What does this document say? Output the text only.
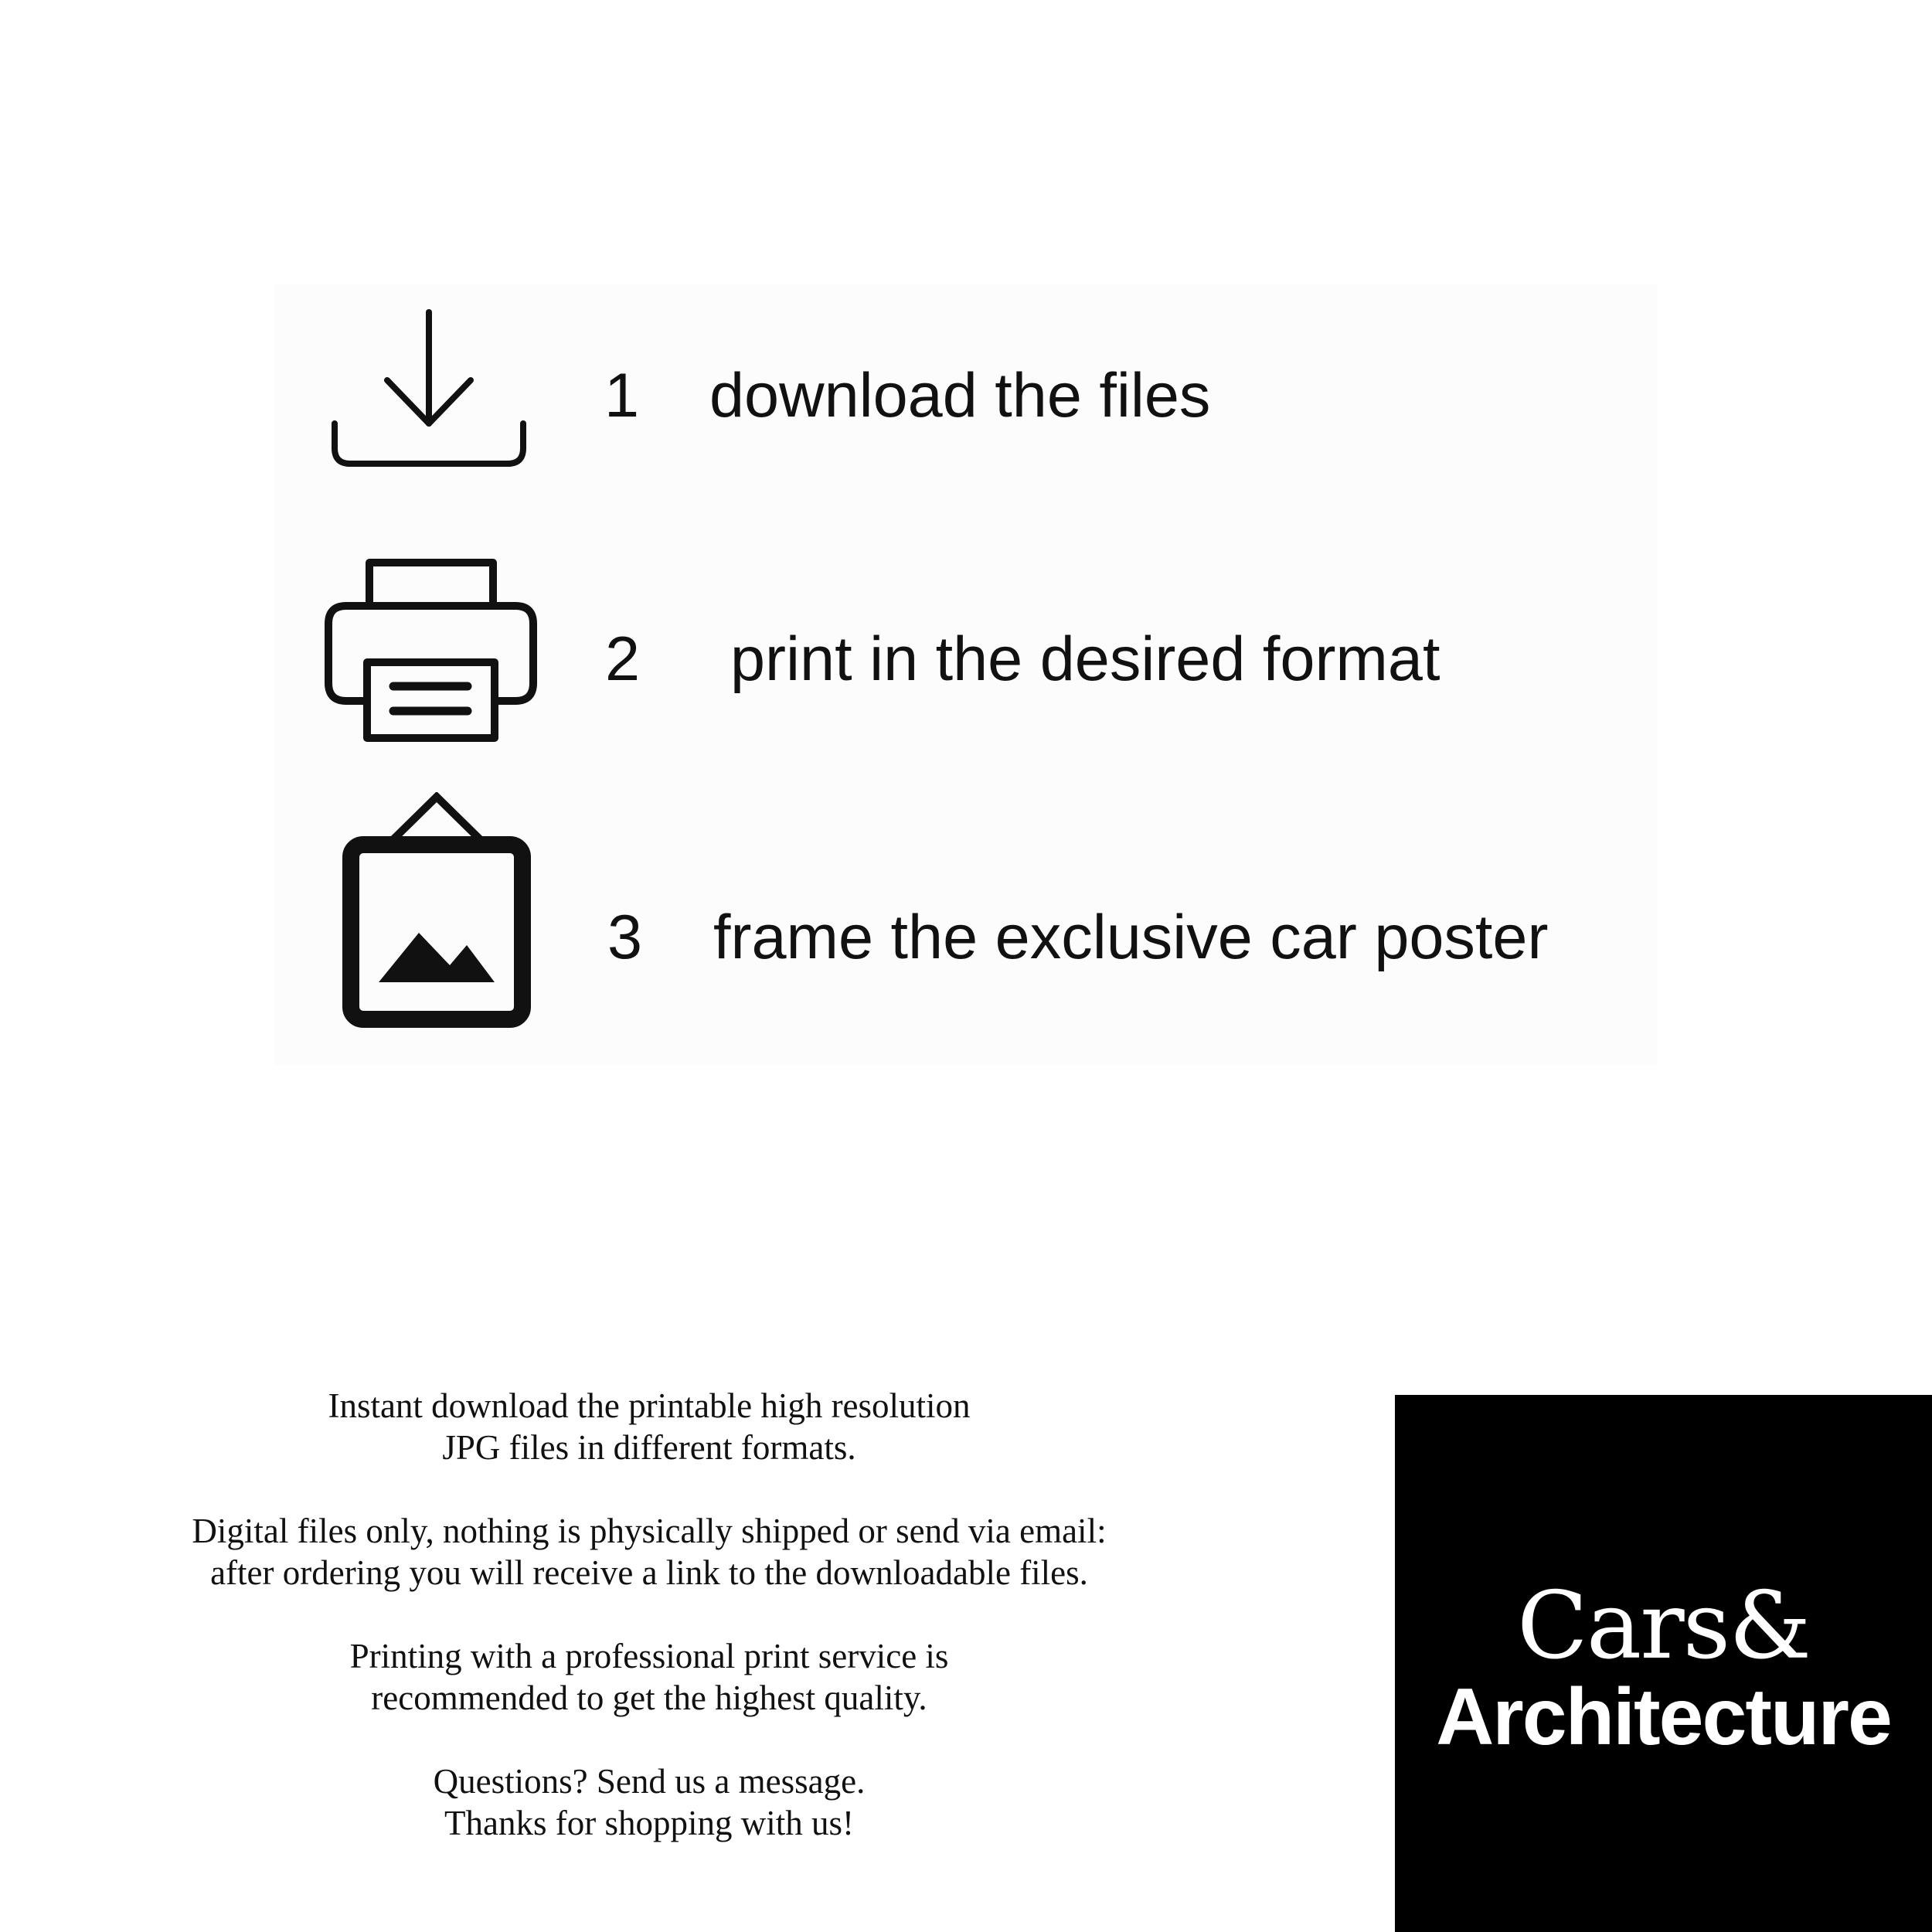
1 download the files
2 print in the desired format
3 frame the exclusive car poster
Instant download the printable high resolution
JPG files in different formats.
Digital files only, nothing is physically shipped or send via email:
after ordering you will receive a link to the downloadable files.
Printing with a professional print service is
recommended to get the highest quality.
Questions? Send us a message.
Thanks for shopping with us!
Cars&
Architecture
